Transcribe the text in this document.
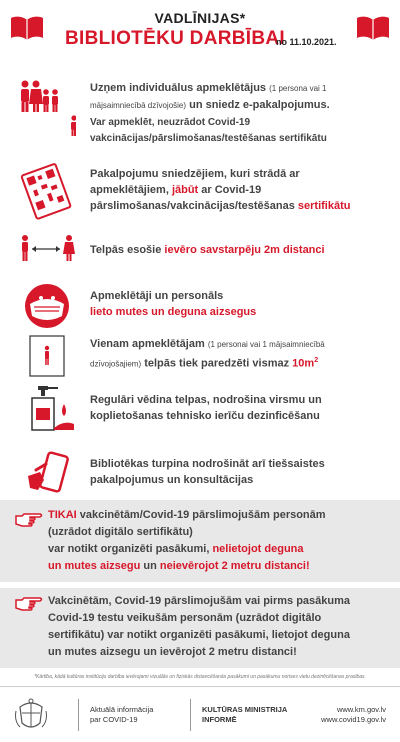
VADLĪNIJAS*
BIBLIOTĒKU DARBĪBAI
no 11.10.2021.
Uzņem individuālus apmeklētājus (1 persona vai 1
mājsaimniecībā dzīvojošie) un sniedz e-pakalpojumus.
Var apmeklēt, neuzrādot Covid-19
vakcinācijas/pārslimošanas/testēšanas sertifikātu
Pakalpojumu sniedzējiem, kuri strādā ar
apmeklētājiem, jābūt ar Covid-19
pārslimošanas/vakcinācijas/testēšanas sertifikātu
Telpās esošie ievēro savstarpēju 2m distanci
Apmeklētāji un personāls
lieto mutes un deguna aizsegus
Vienam apmeklētājam (1 personai vai 1 mājsaimniecībā
dzīvojošajiem) telpās tiek paredzēti vismaz $10m^2$
Regulāri vēdina telpas, nodrošina virsmu un
koplietošanas tehnisko ierīču dezinficēšanu
Bibliotēkas turpina nodrošināt arī tiešsaistes
pakalpojumus un konsultācijas
TIKAI vakcinētām/Covid-19 pārslimojušām personām
(uzrādot digitālo sertifikātu)
var notikt organizēti pasākumi, nelietojot deguna
un mutes aizsegu un neievērojot 2 metru distanci!
Vakcinētām, Covid-19 pārslimojušām vai pirms pasākuma
Covid-19 testu veikušām personām (uzrādot digitālo
sertifikātu) var notikt organizēti pasākumi, lietojot deguna
un mutes aizsegu un ievērojot 2 metru distanci!
*Kārtība, kādā kultūras institūciju darbība ievērojami vizuālās un fiziskās distancēšanās pasākumi un pasākumu norises vietu dezinficēšanas prasības.
Aktuālā informācija
par COVID-19
KULTŪRAS MINISTRIJA
INFORMĒ
www.km.gov.lv
www.covid19.gov.lv
